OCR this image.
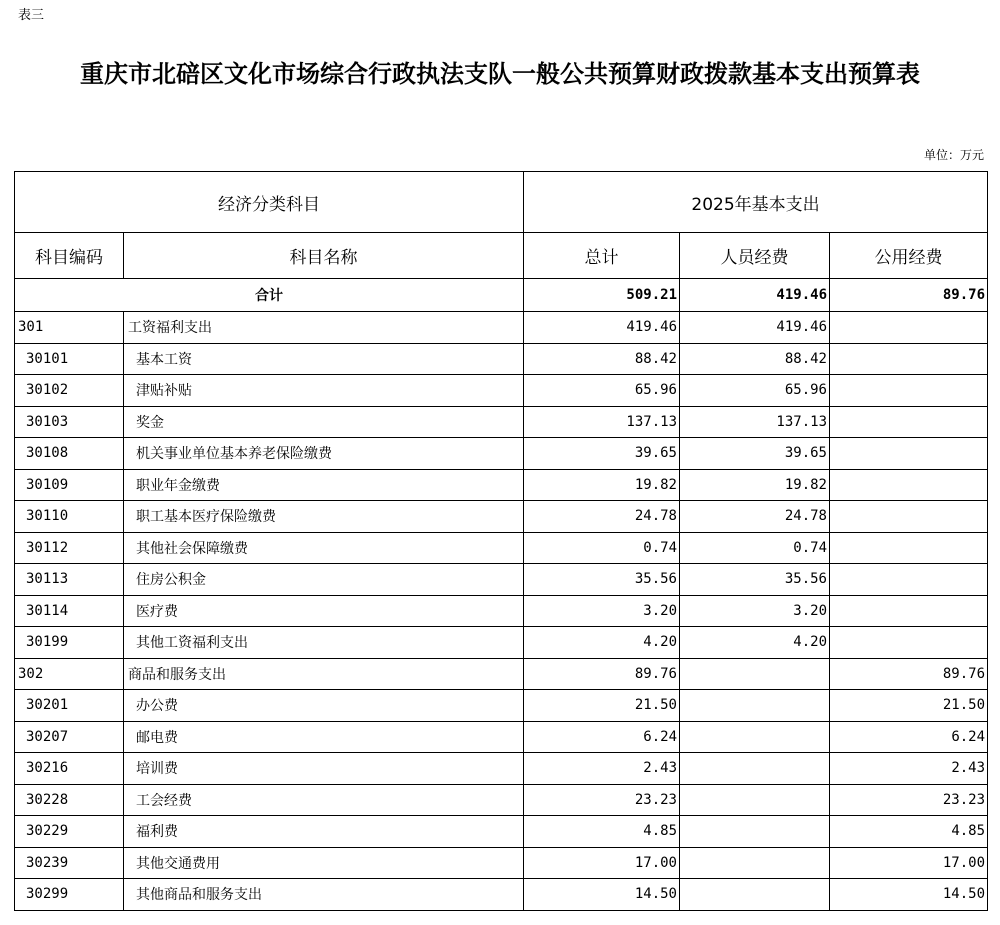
表三
重庆市北碚区文化市场综合行政执法支队一般公共预算财政拨款基本支出预算表
单位：万元
经济分类科目		2025年基本支出		
科目编码	科目名称	总计	人员经费	公用经费
合计		509.21	419.46	89.76
301	工资福利支出	419.46	419.46	
30101	基本工资	88.42	88.42	
30102	津贴补贴	65.96	65.96	
30103	奖金	137.13	137.13	
30108	机关事业单位基本养老保险缴费	39.65	39.65	
30109	职业年金缴费	19.82	19.82	
30110	职工基本医疗保险缴费	24.78	24.78	
30112	其他社会保障缴费	0.74	0.74	
30113	住房公积金	35.56	35.56	
30114	医疗费	3.20	3.20	
30199	其他工资福利支出	4.20	4.20	
302	商品和服务支出	89.76		89.76
30201	办公费	21.50		21.50
30207	邮电费	6.24		6.24
30216	培训费	2.43		2.43
30228	工会经费	23.23		23.23
30229	福利费	4.85		4.85
30239	其他交通费用	17.00		17.00
30299	其他商品和服务支出	14.50		14.50
